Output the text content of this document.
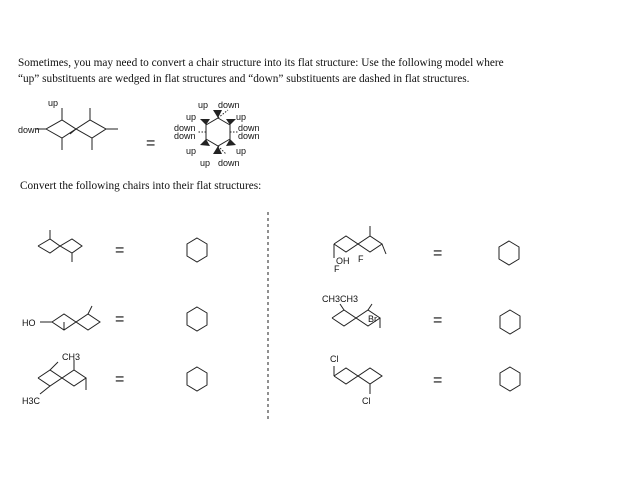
Sometimes, you may need to convert a chair structure into its flat structure: Use the following model where

“up” substituents are wedged in flat structures and “down” substituents are dashed in flat structures.

Convert the following chairs into their flat structures:
up
down
up down
up	up
down
down
down
down
up	up
up down
HO
CH3
H3C
OH F
F
CH3CH3
Br
Cl
Cl
=
=
=
=
=
=
=
